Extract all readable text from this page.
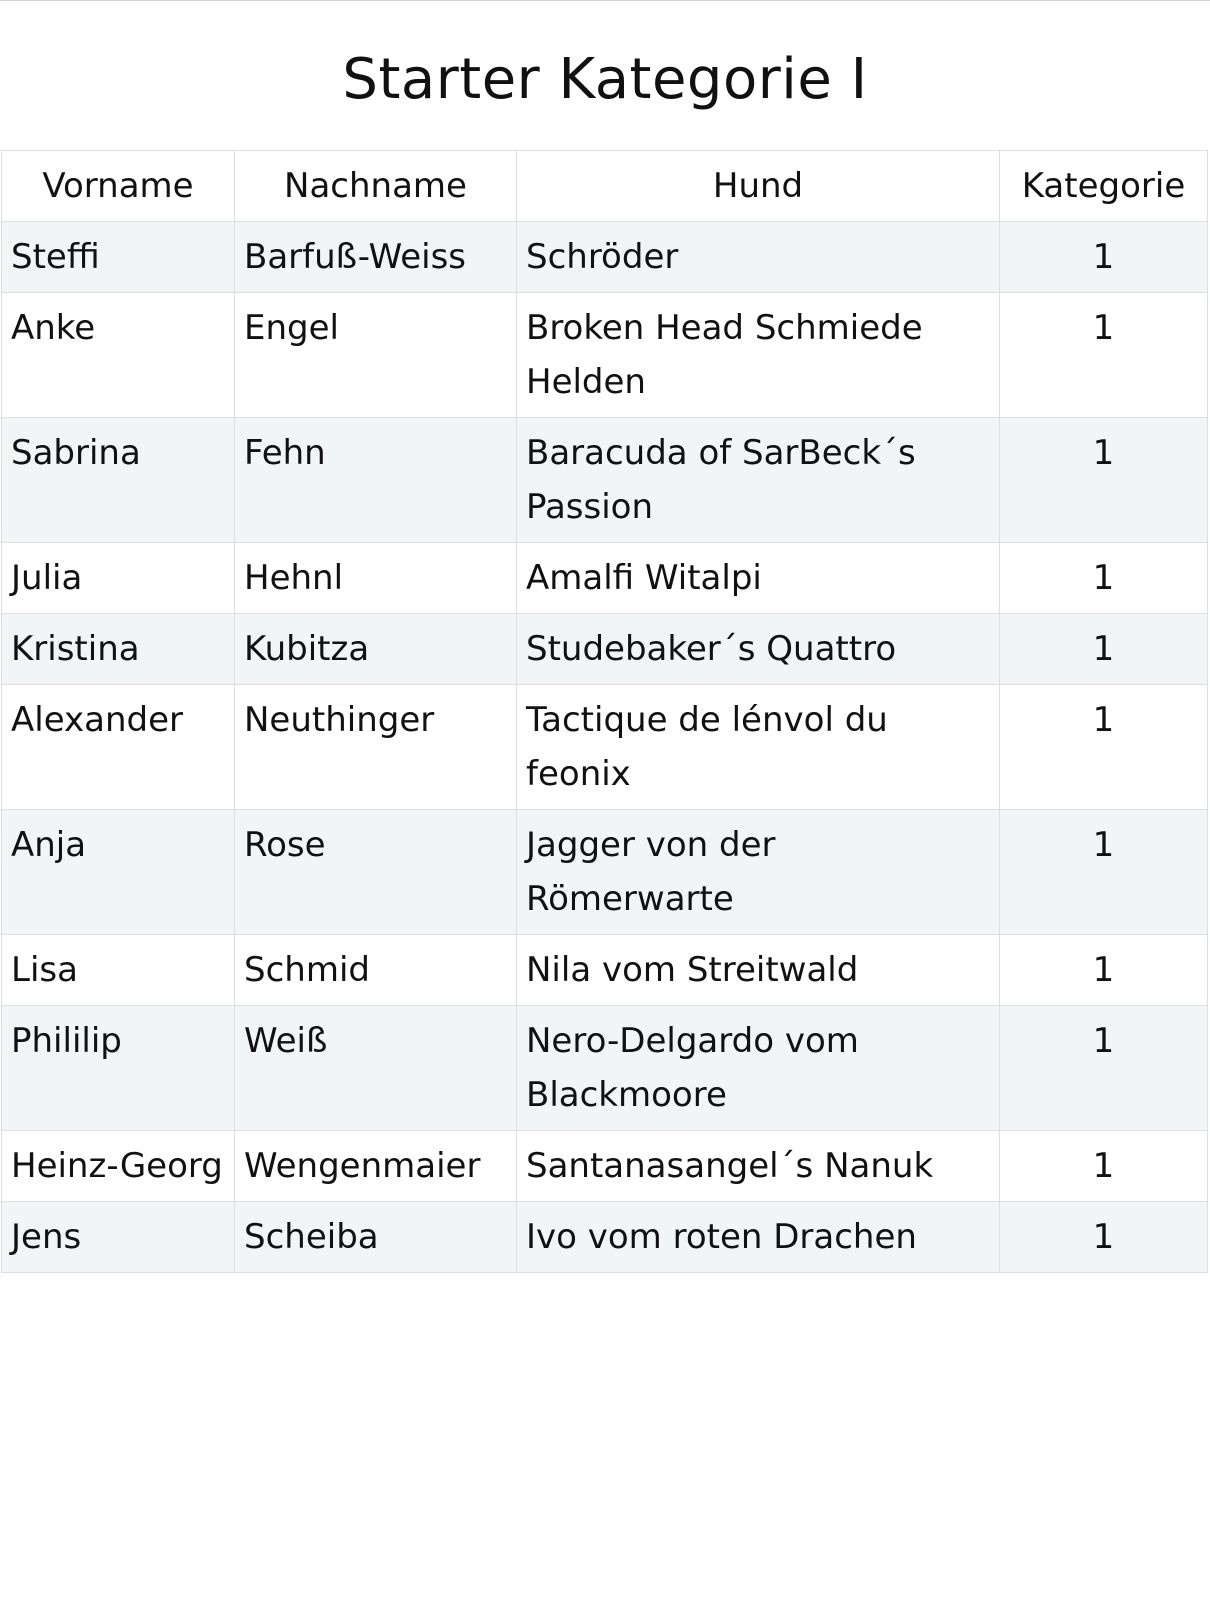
Starter Kategorie I
Vorname	Nachname	Hund	Kategorie
Steffi	Barfuß-Weiss	Schröder	1
Anke	Engel	Broken Head Schmiede Helden	1
Sabrina	Fehn	Baracuda of SarBeck´s Passion	1
Julia	Hehnl	Amalfi Witalpi	1
Kristina	Kubitza	Studebaker´s Quattro	1
Alexander	Neuthinger	Tactique de lénvol du feonix	1
Anja	Rose	Jagger von der Römerwarte	1
Lisa	Schmid	Nila vom Streitwald	1
Phililip	Weiß	Nero-Delgardo vom Blackmoore	1
Heinz-Georg	Wengenmaier	Santanasangel´s Nanuk	1
Jens	Scheiba	Ivo vom roten Drachen	1
